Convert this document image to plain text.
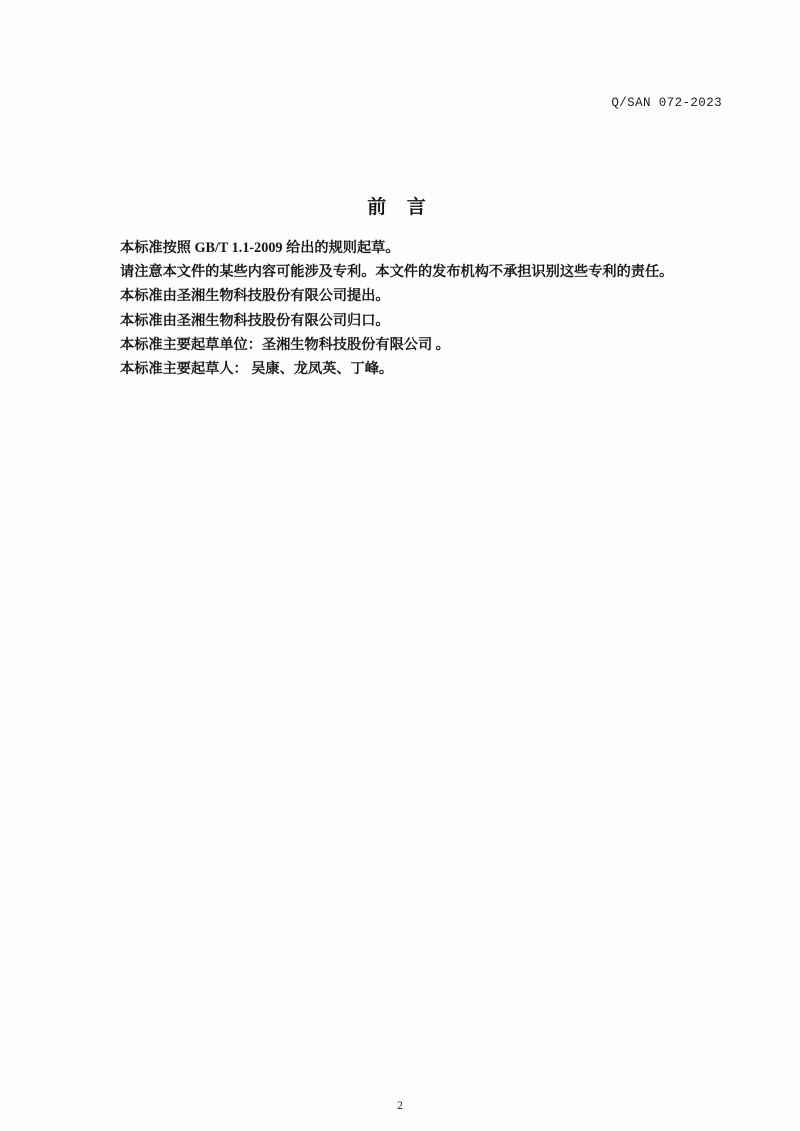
Q/SAN 072-2023
前 言
本标准按照 GB/T 1.1-2009 给出的规则起草。
请注意本文件的某些内容可能涉及专利。本文件的发布机构不承担识别这些专利的责任。
本标准由圣湘生物科技股份有限公司提出。
本标准由圣湘生物科技股份有限公司归口。
本标准主要起草单位：圣湘生物科技股份有限公司 。
本标准主要起草人： 吴康、龙凤英、丁峰。
2
